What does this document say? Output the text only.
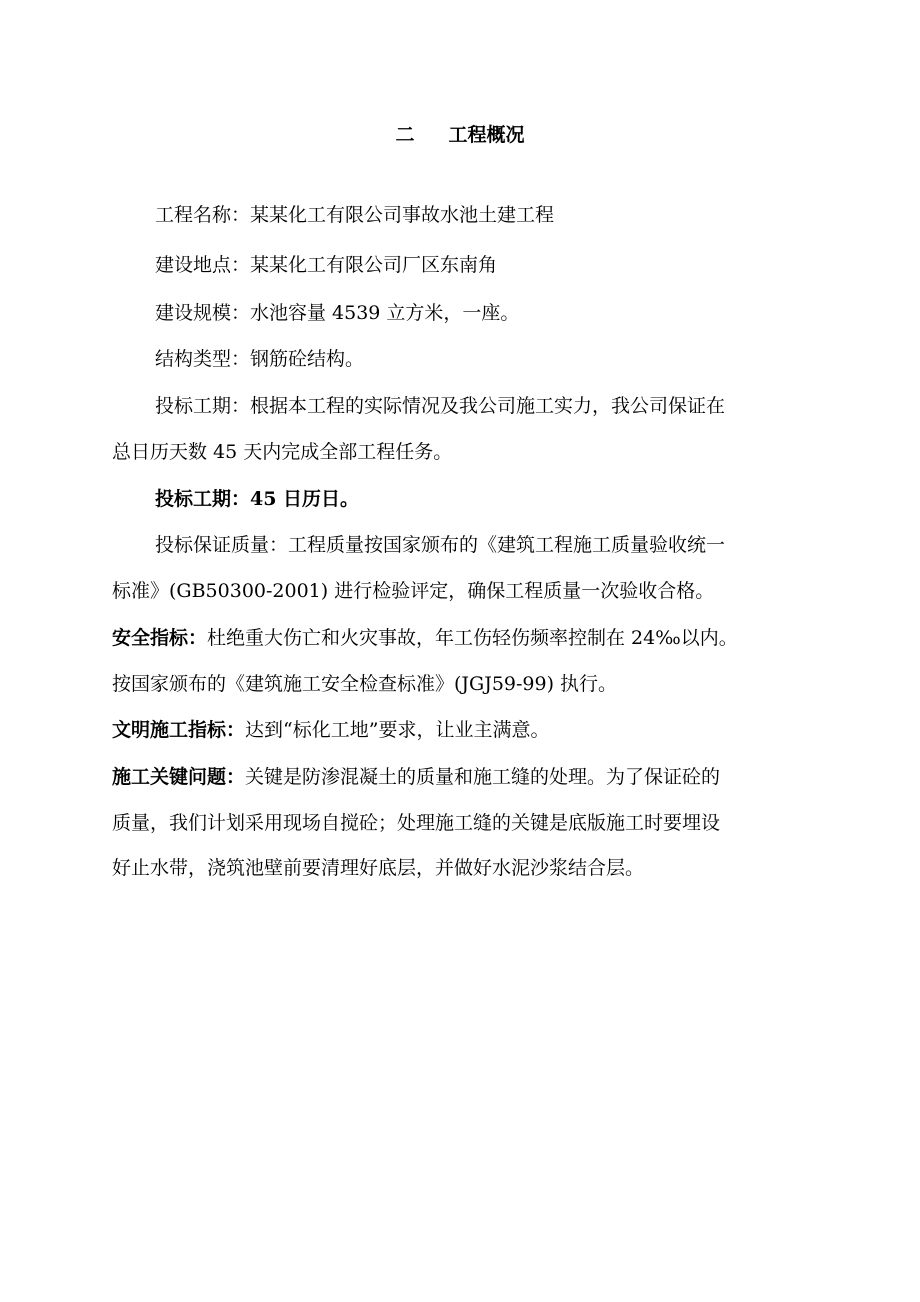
二 工程概况
工程名称：某某化工有限公司事故水池土建工程
建设地点：某某化工有限公司厂区东南角
建设规模：水池容量 4539 立方米，一座。
结构类型：钢筋砼结构。
投标工期：根据本工程的实际情况及我公司施工实力，我公司保证在
总日历天数 45 天内完成全部工程任务。
投标工期：45 日历日。
投标保证质量：工程质量按国家颁布的《建筑工程施工质量验收统一
标准》(GB50300-2001) 进行检验评定，确保工程质量一次验收合格。
安全指标：杜绝重大伤亡和火灾事故，年工伤轻伤频率控制在 24‰以内。
按国家颁布的《建筑施工安全检查标准》(JGJ59-99) 执行。
文明施工指标：达到“标化工地”要求，让业主满意。
施工关键问题：关键是防渗混凝土的质量和施工缝的处理。为了保证砼的
质量，我们计划采用现场自搅砼；处理施工缝的关键是底版施工时要埋设
好止水带，浇筑池壁前要清理好底层，并做好水泥沙浆结合层。
